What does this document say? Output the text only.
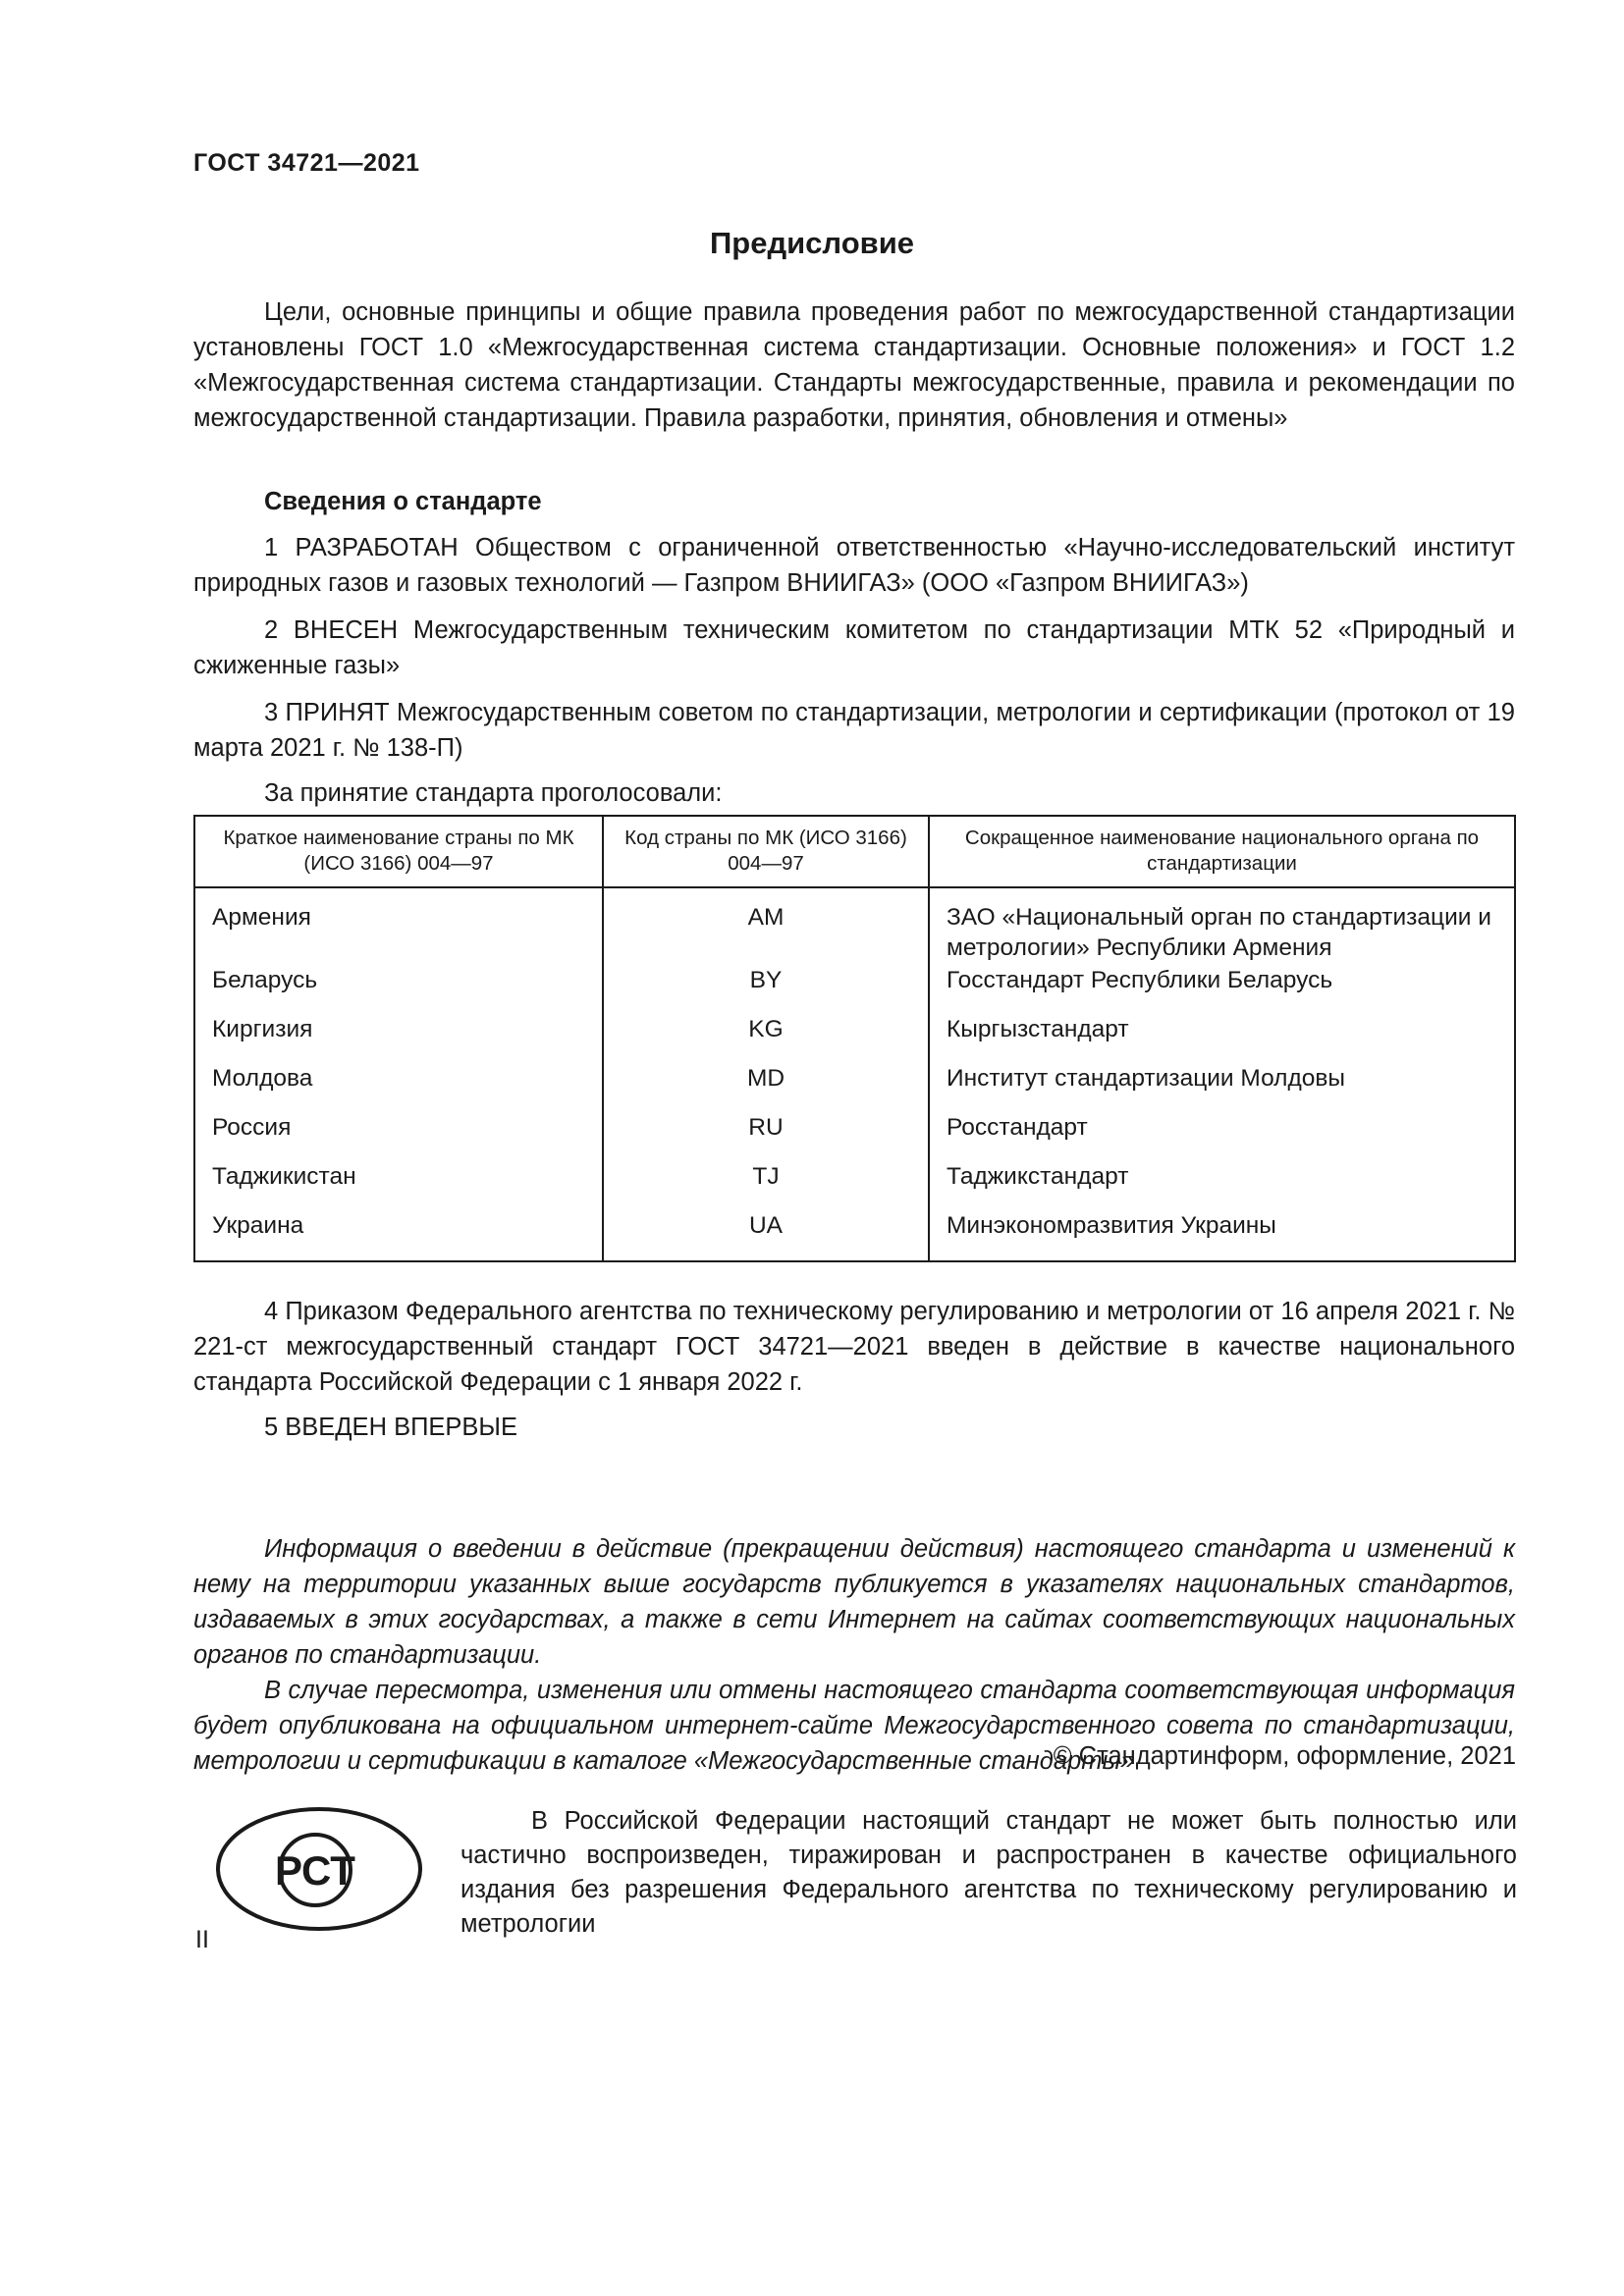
ГОСТ 34721—2021
Предисловие

Цели, основные принципы и общие правила проведения работ по межгосударственной стандартизации установлены ГОСТ 1.0 «Межгосударственная система стандартизации. Основные положения» и ГОСТ 1.2 «Межгосударственная система стандартизации. Стандарты межгосударственные, правила и рекомендации по межгосударственной стандартизации. Правила разработки, принятия, обновления и отмены»

Сведения о стандарте

1 РАЗРАБОТАН Обществом с ограниченной ответственностью «Научно-исследовательский институт природных газов и газовых технологий — Газпром ВНИИГАЗ» (ООО «Газпром ВНИИГАЗ»)

2 ВНЕСЕН Межгосударственным техническим комитетом по стандартизации МТК 52 «Природный и сжиженные газы»

3 ПРИНЯТ Межгосударственным советом по стандартизации, метрологии и сертификации (протокол от 19 марта 2021 г. № 138-П)

За принятие стандарта проголосовали:

Краткое наименование страны по МК (ИСО 3166) 004—97	Код страны по МК (ИСО 3166) 004—97	Сокращенное наименование национального органа по стандартизации
Армения	AM	ЗАО «Национальный орган по стандартизации и метрологии» Республики Армения
Беларусь	BY	Госстандарт Республики Беларусь
Киргизия	KG	Кыргызстандарт
Молдова	MD	Институт стандартизации Молдовы
Россия	RU	Росстандарт
Таджикистан	TJ	Таджикстандарт
Украина	UA	Минэкономразвития Украины

4 Приказом Федерального агентства по техническому регулированию и метрологии от 16 апреля 2021 г. № 221-ст межгосударственный стандарт ГОСТ 34721—2021 введен в действие в качестве национального стандарта Российской Федерации с 1 января 2022 г.

5 ВВЕДЕН ВПЕРВЫЕ

Информация о введении в действие (прекращении действия) настоящего стандарта и изменений к нему на территории указанных выше государств публикуется в указателях национальных стандартов, издаваемых в этих государствах, а также в сети Интернет на сайтах соответствующих национальных органов по стандартизации.

В случае пересмотра, изменения или отмены настоящего стандарта соответствующая информация будет опубликована на официальном интернет-сайте Межгосударственного совета по стандартизации, метрологии и сертификации в каталоге «Межгосударственные стандарты»

© Стандартинформ, оформление, 2021
РСТ
В Российской Федерации настоящий стандарт не может быть полностью или частично воспроизведен, тиражирован и распространен в качестве официального издания без разрешения Федерального агентства по техническому регулированию и метрологии
II
